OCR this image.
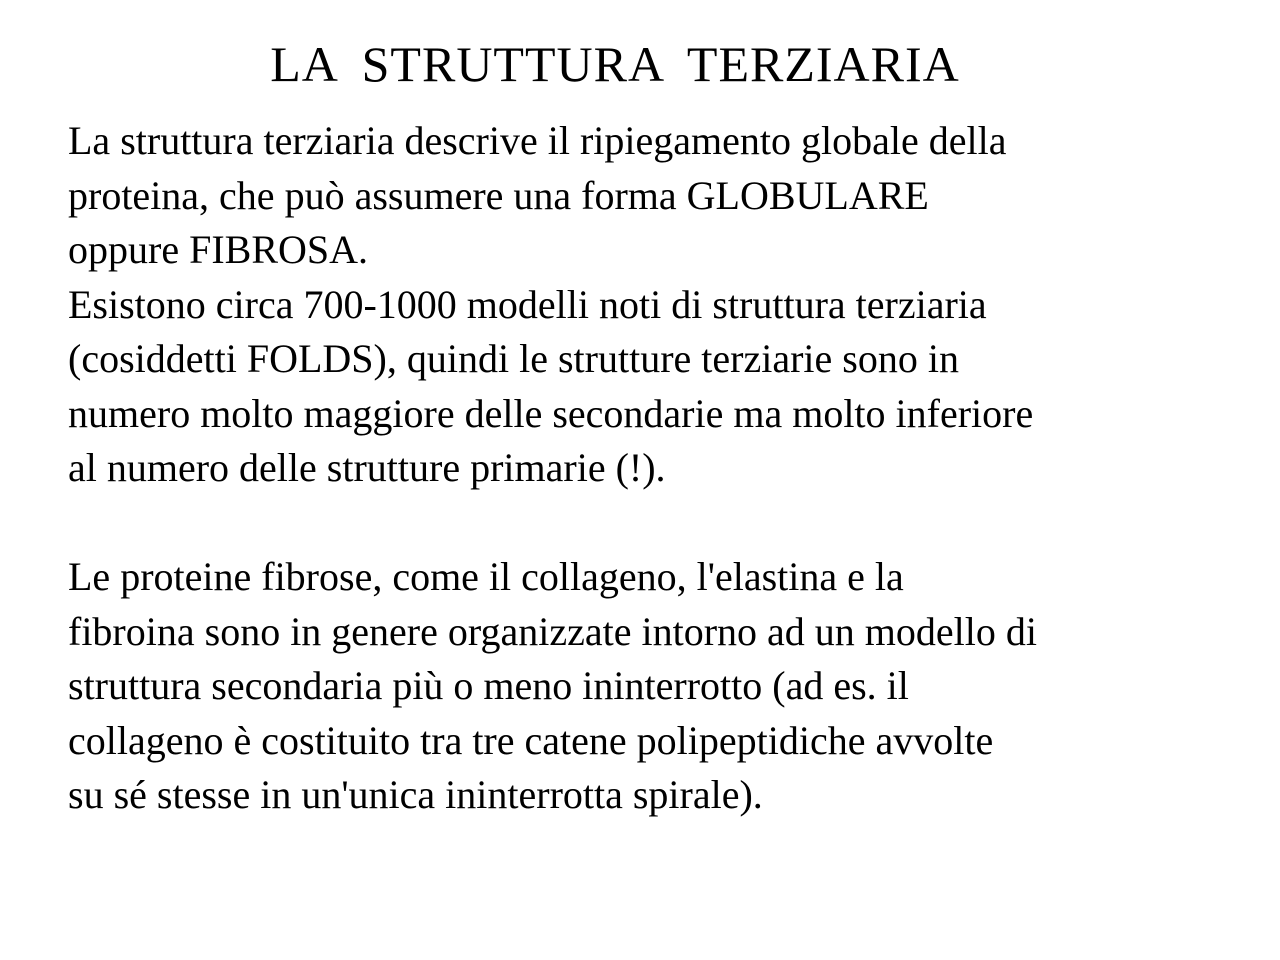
LA STRUTTURA TERZIARIA
La struttura terziaria descrive il ripiegamento globale della
proteina, che può assumere una forma GLOBULARE
oppure FIBROSA.
Esistono circa 700-1000 modelli noti di struttura terziaria
(cosiddetti FOLDS), quindi le strutture terziarie sono in
numero molto maggiore delle secondarie ma molto inferiore
al numero delle strutture primarie (!).
Le proteine fibrose, come il collageno, l'elastina e la
fibroina sono in genere organizzate intorno ad un modello di
struttura secondaria più o meno ininterrotto (ad es. il
collageno è costituito tra tre catene polipeptidiche avvolte
su sé stesse in un'unica ininterrotta spirale).
